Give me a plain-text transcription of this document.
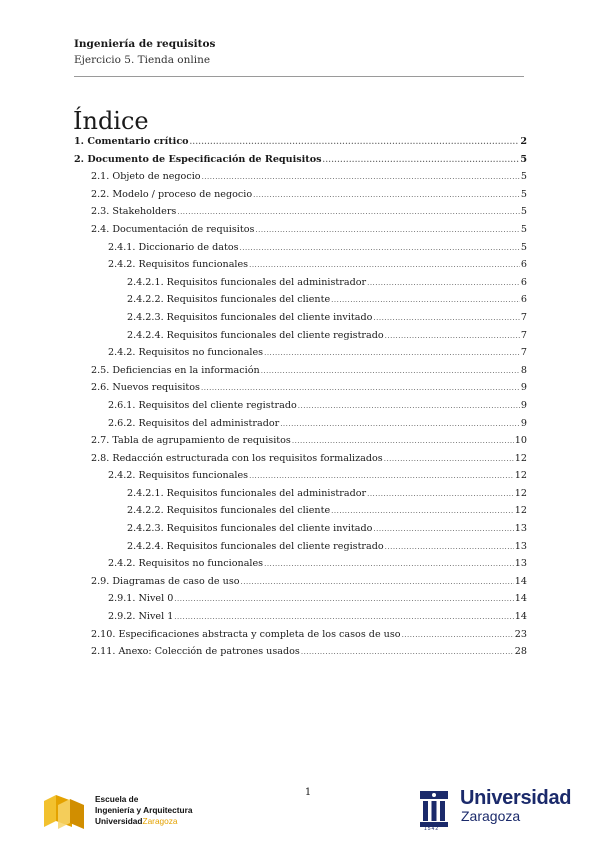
Ingeniería de requisitos
Ejercicio 5. Tienda online
Índice
1. Comentario crítico .....	2
2. Documento de Especificación de Requisitos .....	5
2.1. Objeto de negocio .....	5
2.2. Modelo / proceso de negocio .....	5
2.3. Stakeholders .....	5
2.4. Documentación de requisitos .....	5
2.4.1. Diccionario de datos .....	5
2.4.2. Requisitos funcionales .....	6
2.4.2.1. Requisitos funcionales del administrador .....	6
2.4.2.2. Requisitos funcionales del cliente .....	6
2.4.2.3. Requisitos funcionales del cliente invitado .....	7
2.4.2.4. Requisitos funcionales del cliente registrado .....	7
2.4.2. Requisitos no funcionales .....	7
2.5. Deficiencias en la información .....	8
2.6. Nuevos requisitos .....	9
2.6.1. Requisitos del cliente registrado .....	9
2.6.2. Requisitos del administrador .....	9
2.7. Tabla de agrupamiento de requisitos .....	10
2.8. Redacción estructurada con los requisitos formalizados .....	12
2.4.2. Requisitos funcionales .....	12
2.4.2.1. Requisitos funcionales del administrador .....	12
2.4.2.2. Requisitos funcionales del cliente .....	12
2.4.2.3. Requisitos funcionales del cliente invitado .....	13
2.4.2.4. Requisitos funcionales del cliente registrado .....	13
2.4.2. Requisitos no funcionales .....	13
2.9. Diagramas de caso de uso .....	14
2.9.1. Nivel 0 .....	14
2.9.2. Nivel 1 .....	14
2.10. Especificaciones abstracta y completa de los casos de uso .....	23
2.11. Anexo: Colección de patrones usados .....	28
1
Escuela de
Ingeniería y Arquitectura
UniversidadZaragoza
1542
Universidad
Zaragoza
